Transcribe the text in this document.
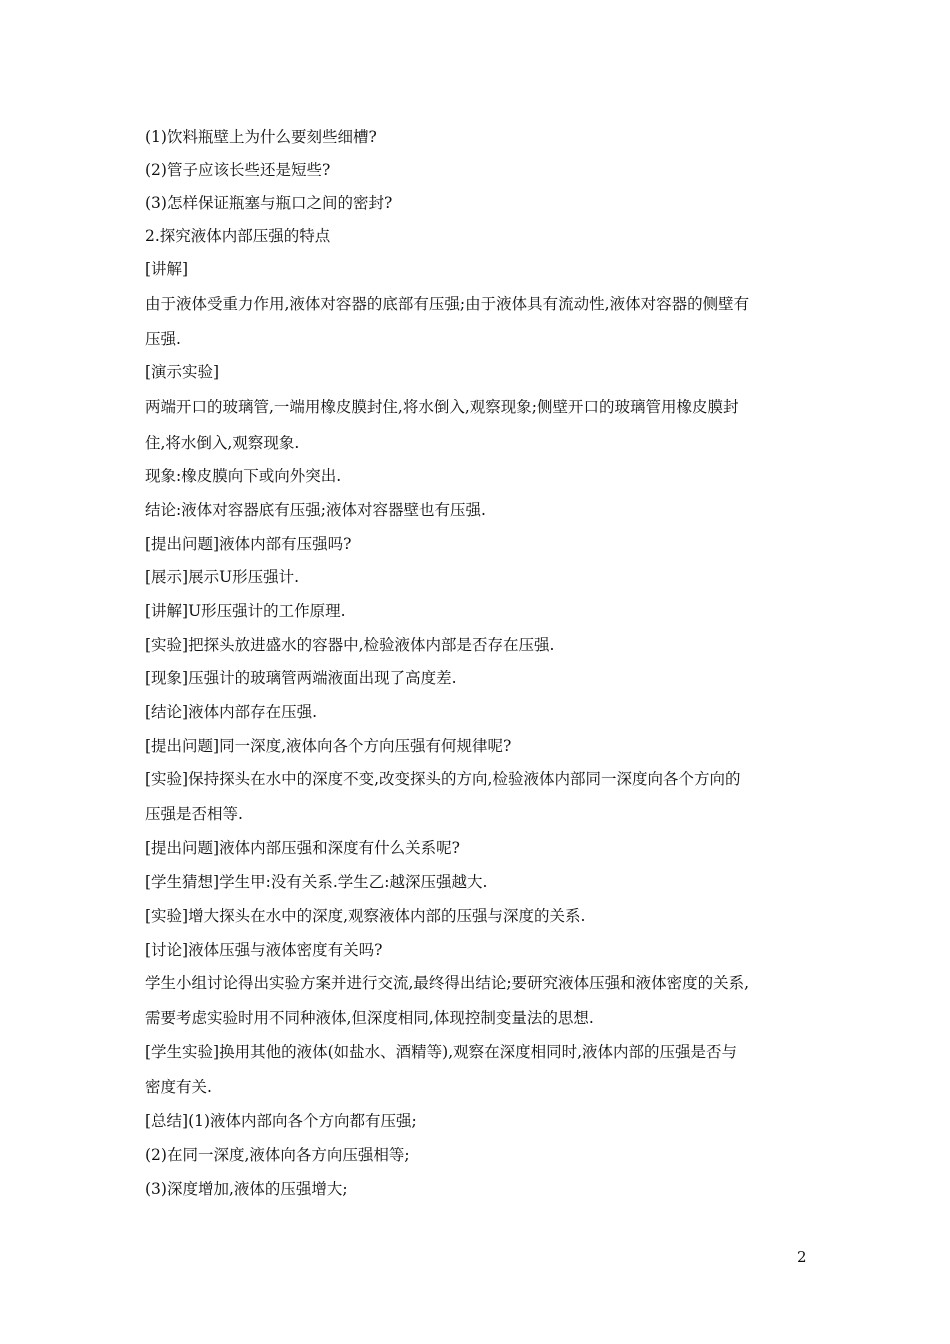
(1)饮料瓶壁上为什么要刻些细槽?
(2)管子应该长些还是短些?
(3)怎样保证瓶塞与瓶口之间的密封?
2.探究液体内部压强的特点
[讲解]
由于液体受重力作用,液体对容器的底部有压强;由于液体具有流动性,液体对容器的侧壁有
压强.
[演示实验]
两端开口的玻璃管,一端用橡皮膜封住,将水倒入,观察现象;侧壁开口的玻璃管用橡皮膜封
住,将水倒入,观察现象.
现象:橡皮膜向下或向外突出.
结论:液体对容器底有压强;液体对容器壁也有压强.
[提出问题]液体内部有压强吗?
[展示]展示U形压强计.
[讲解]U形压强计的工作原理.
[实验]把探头放进盛水的容器中,检验液体内部是否存在压强.
[现象]压强计的玻璃管两端液面出现了高度差.
[结论]液体内部存在压强.
[提出问题]同一深度,液体向各个方向压强有何规律呢?
[实验]保持探头在水中的深度不变,改变探头的方向,检验液体内部同一深度向各个方向的
压强是否相等.
[提出问题]液体内部压强和深度有什么关系呢?
[学生猜想]学生甲:没有关系.学生乙:越深压强越大.
[实验]增大探头在水中的深度,观察液体内部的压强与深度的关系.
[讨论]液体压强与液体密度有关吗?
学生小组讨论得出实验方案并进行交流,最终得出结论;要研究液体压强和液体密度的关系,
需要考虑实验时用不同种液体,但深度相同,体现控制变量法的思想.
[学生实验]换用其他的液体(如盐水、酒精等),观察在深度相同时,液体内部的压强是否与
密度有关.
[总结](1)液体内部向各个方向都有压强;
(2)在同一深度,液体向各方向压强相等;
(3)深度增加,液体的压强增大;
2
